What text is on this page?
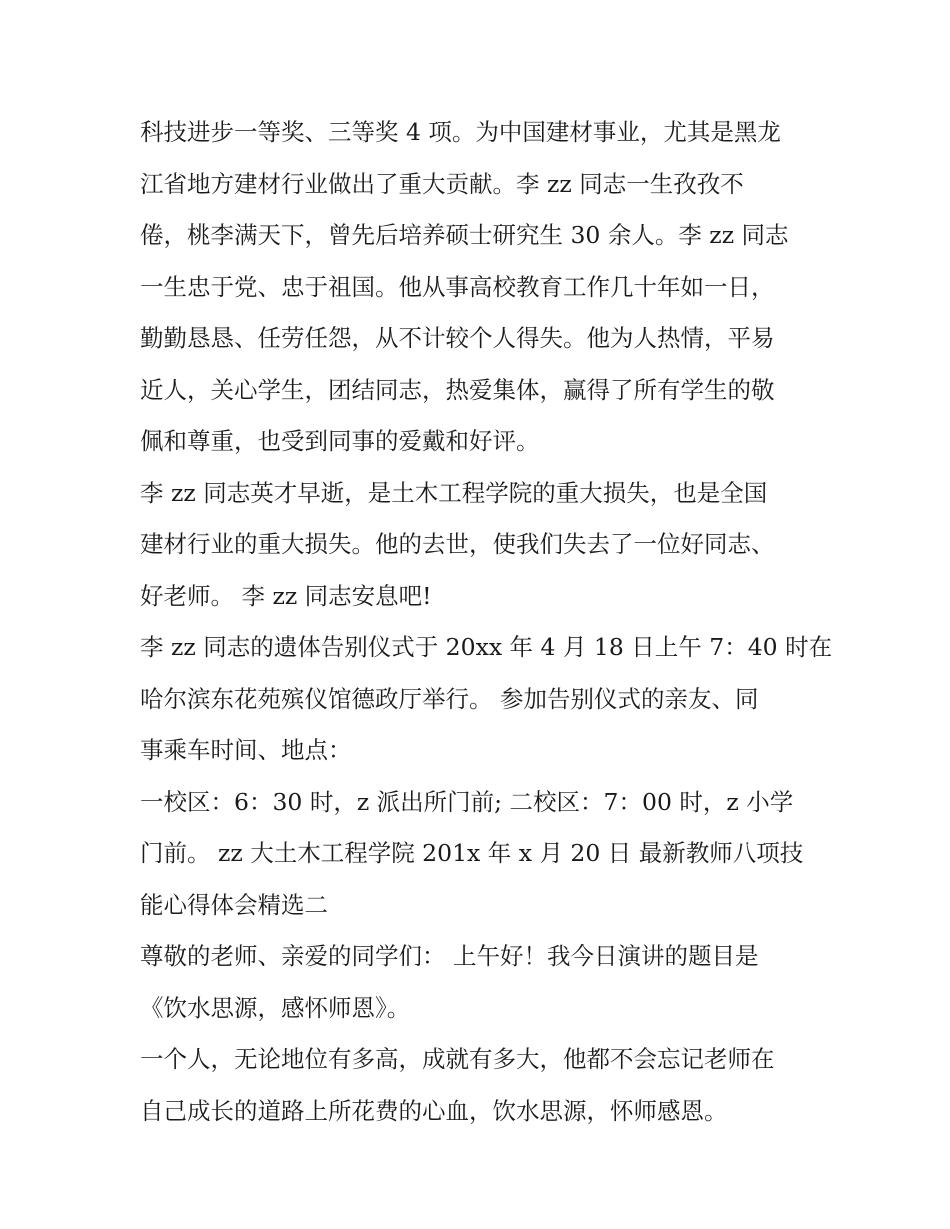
科技进步一等奖、三等奖 4 项。为中国建材事业，尤其是黑龙
江省地方建材行业做出了重大贡献。李 zz 同志一生孜孜不
倦，桃李满天下，曾先后培养硕士研究生 30 余人。李 zz 同志
一生忠于党、忠于祖国。他从事高校教育工作几十年如一日，
勤勤恳恳、任劳任怨，从不计较个人得失。他为人热情，平易
近人，关心学生，团结同志，热爱集体，赢得了所有学生的敬
佩和尊重，也受到同事的爱戴和好评。
李 zz 同志英才早逝，是土木工程学院的重大损失，也是全国
建材行业的重大损失。他的去世，使我们失去了一位好同志、
好老师。 李 zz 同志安息吧!
李 zz 同志的遗体告别仪式于 20xx 年 4 月 18 日上午 7：40 时在
哈尔滨东花苑殡仪馆德政厅举行。 参加告别仪式的亲友、同
事乘车时间、地点：
一校区：6：30 时，z 派出所门前; 二校区：7：00 时，z 小学
门前。 zz 大土木工程学院 201x 年 x 月 20 日 最新教师八项技
能心得体会精选二
尊敬的老师、亲爱的同学们： 上午好！我今日演讲的题目是
《饮水思源，感怀师恩》。
一个人，无论地位有多高，成就有多大，他都不会忘记老师在
自己成长的道路上所花费的心血，饮水思源，怀师感恩。
